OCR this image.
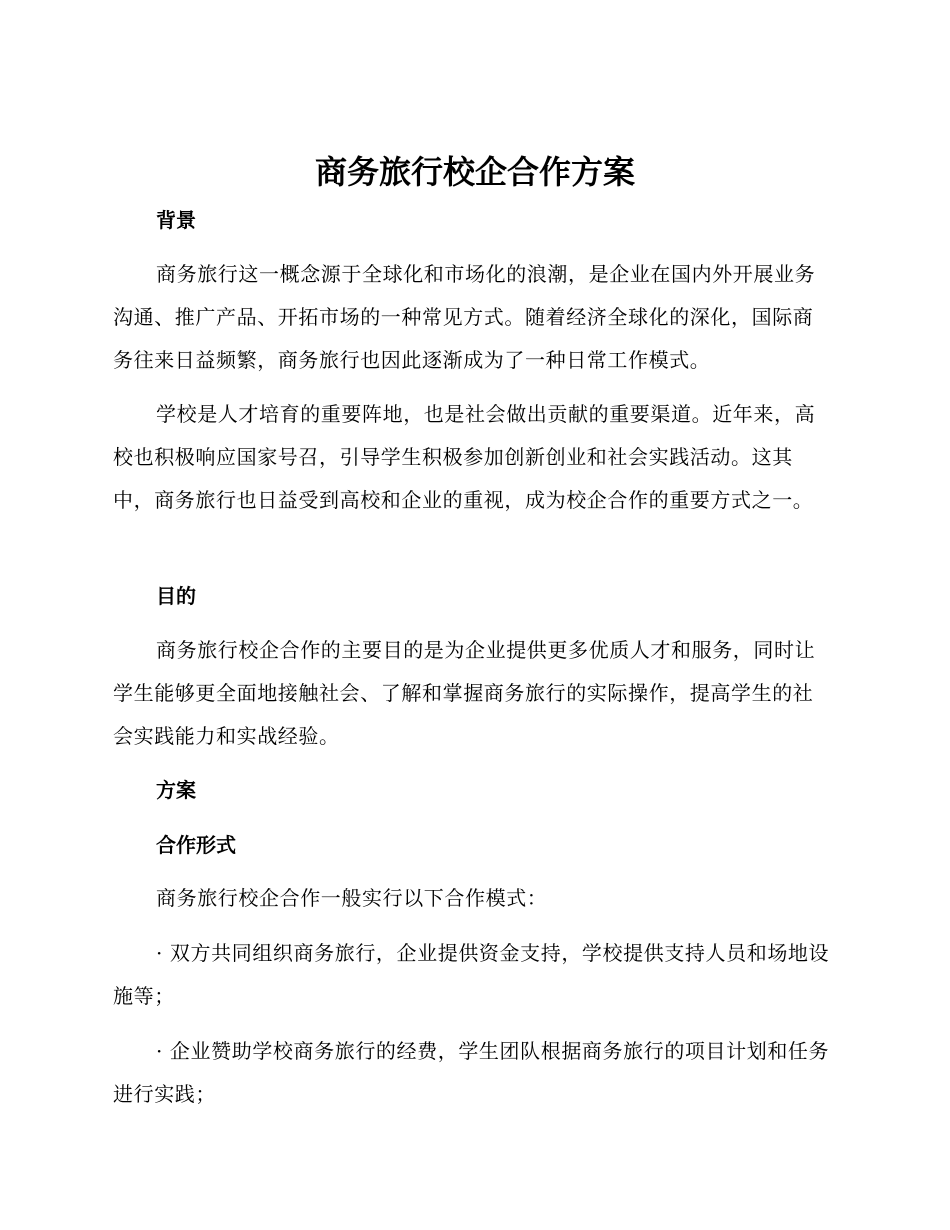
商务旅行校企合作方案
背景

商务旅行这一概念源于全球化和市场化的浪潮，是企业在国内外开展业务沟通、推广产品、开拓市场的一种常见方式。随着经济全球化的深化，国际商务往来日益频繁，商务旅行也因此逐渐成为了一种日常工作模式。

学校是人才培育的重要阵地，也是社会做出贡献的重要渠道。近年来，高校也积极响应国家号召，引导学生积极参加创新创业和社会实践活动。这其中，商务旅行也日益受到高校和企业的重视，成为校企合作的重要方式之一。

目的

商务旅行校企合作的主要目的是为企业提供更多优质人才和服务，同时让学生能够更全面地接触社会、了解和掌握商务旅行的实际操作，提高学生的社会实践能力和实战经验。

方案
合作形式

商务旅行校企合作一般实行以下合作模式：

· 双方共同组织商务旅行，企业提供资金支持，学校提供支持人员和场地设施等；

· 企业赞助学校商务旅行的经费，学生团队根据商务旅行的项目计划和任务进行实践；
